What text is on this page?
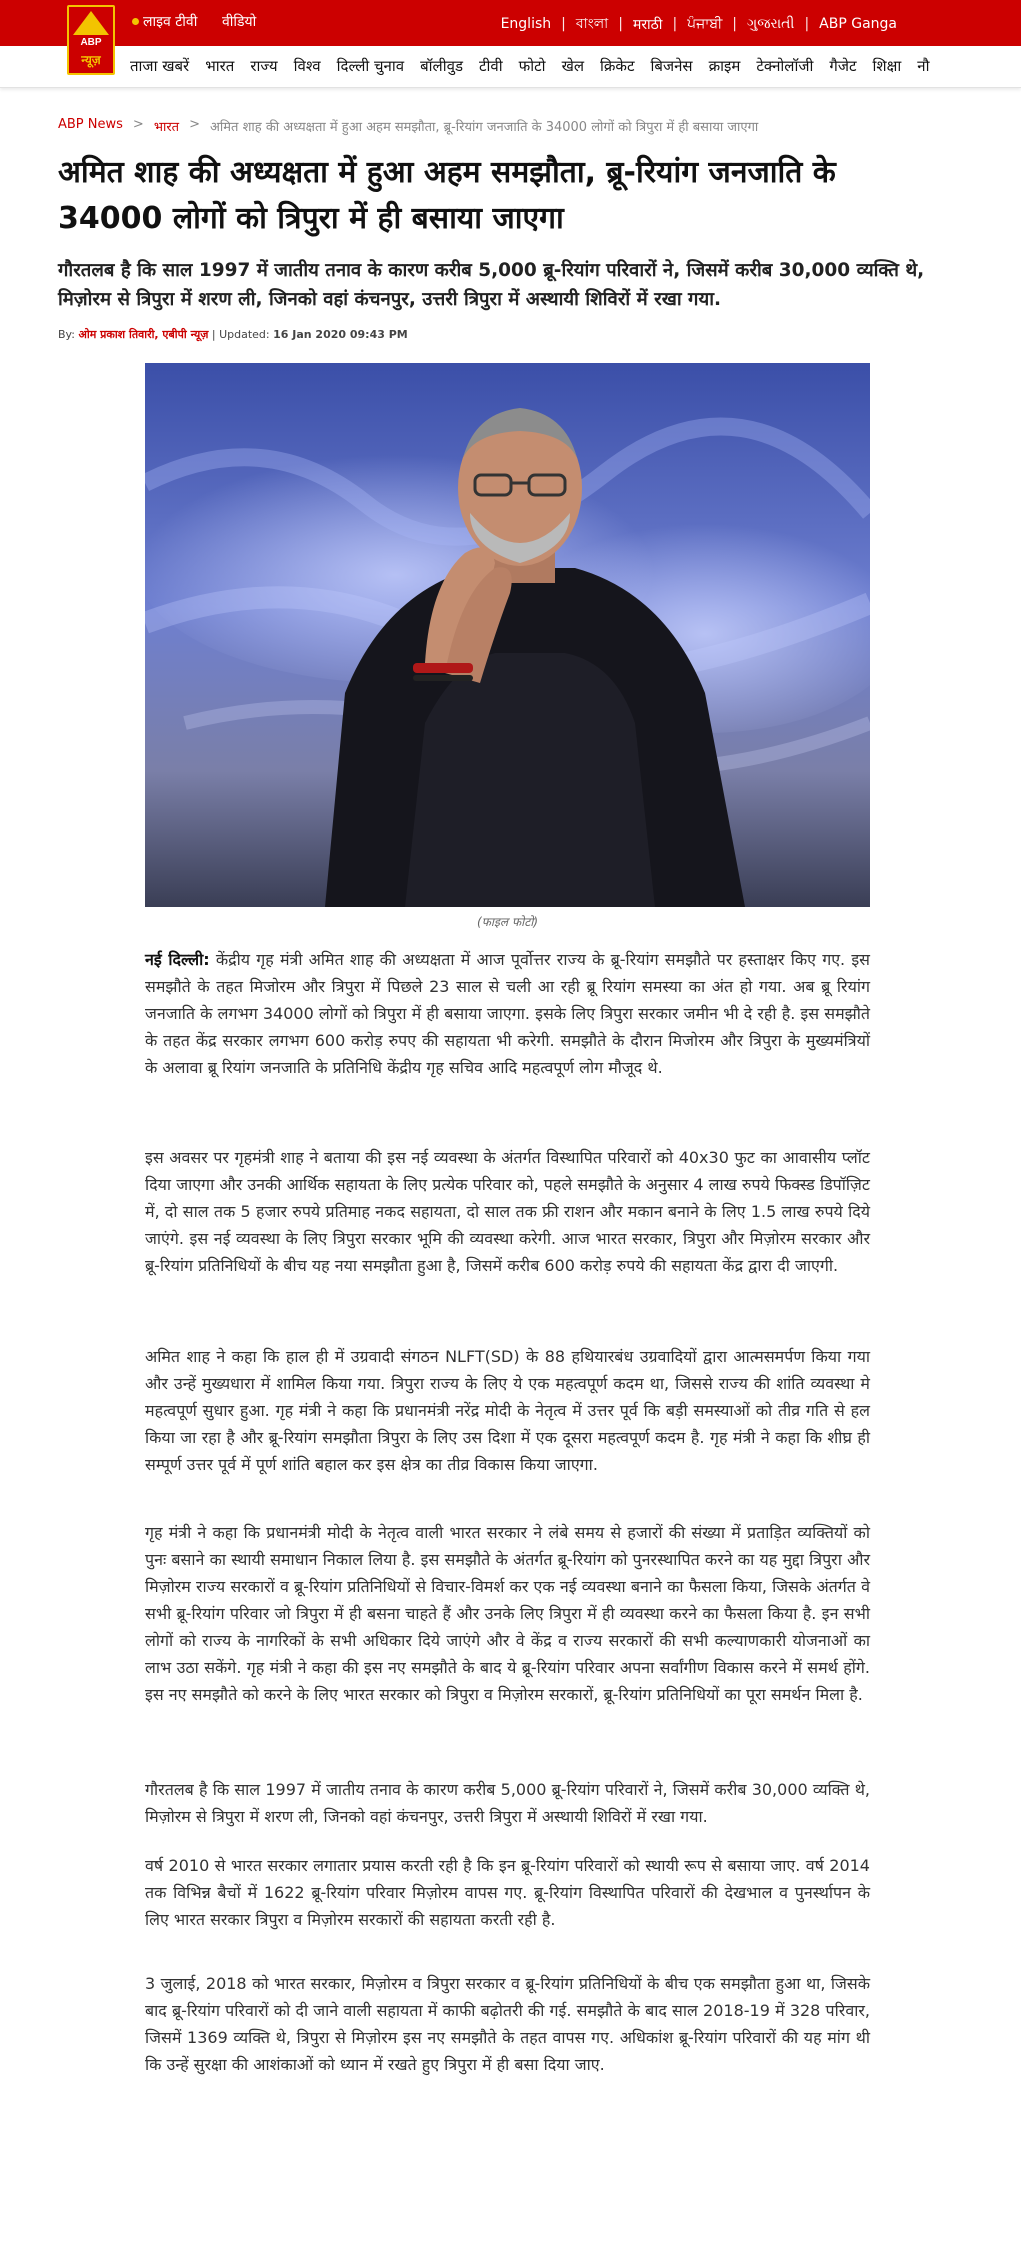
लाइव टीवी वीडियो	English | বাংলা | मराठी | ਪੰਜਾਬੀ | ગુજરાતી | ABP Ganga
ABP
न्यूज़	ताजा खबरें भारत राज्य विश्व दिल्ली चुनाव बॉलीवुड टीवी फोटो खेल क्रिकेट बिजनेस क्राइम टेक्नोलॉजी गैजेट शिक्षा नौ
ABP News > भारत > अमित शाह की अध्यक्षता में हुआ अहम समझौता, ब्रू-रियांग जनजाति के 34000 लोगों को त्रिपुरा में ही बसाया जाएगा
अमित शाह की अध्यक्षता में हुआ अहम समझौता, ब्रू-रियांग जनजाति के 34000 लोगों को त्रिपुरा में ही बसाया जाएगा
गौरतलब है कि साल 1997 में जातीय तनाव के कारण करीब 5,000 ब्रू-रियांग परिवारों ने, जिसमें करीब 30,000 व्यक्ति थे, मिज़ोरम से त्रिपुरा में शरण ली, जिनको वहां कंचनपुर, उत्तरी त्रिपुरा में अस्थायी शिविरों में रखा गया.
By: ओम प्रकाश तिवारी, एबीपी न्यूज़ | Updated: 16 Jan 2020 09:43 PM
(फाइल फोटो)

नई दिल्ली: केंद्रीय गृह मंत्री अमित शाह की अध्यक्षता में आज पूर्वोत्तर राज्य के ब्रू-रियांग समझौते पर हस्ताक्षर किए गए. इस समझौते के तहत मिजोरम और त्रिपुरा में पिछले 23 साल से चली आ रही ब्रू रियांग समस्या का अंत हो गया. अब ब्रू रियांग जनजाति के लगभग 34000 लोगों को त्रिपुरा में ही बसाया जाएगा. इसके लिए त्रिपुरा सरकार जमीन भी दे रही है. इस समझौते के तहत केंद्र सरकार लगभग 600 करोड़ रुपए की सहायता भी करेगी. समझौते के दौरान मिजोरम और त्रिपुरा के मुख्यमंत्रियों के अलावा ब्रू रियांग जनजाति के प्रतिनिधि केंद्रीय गृह सचिव आदि महत्वपूर्ण लोग मौजूद थे.

इस अवसर पर गृहमंत्री शाह ने बताया की इस नई व्यवस्था के अंतर्गत विस्थापित परिवारों को 40x30 फुट का आवासीय प्लॉट दिया जाएगा और उनकी आर्थिक सहायता के लिए प्रत्येक परिवार को, पहले समझौते के अनुसार 4 लाख रुपये फिक्स्ड डिपॉज़िट में, दो साल तक 5 हजार रुपये प्रतिमाह नकद सहायता, दो साल तक फ्री राशन और मकान बनाने के लिए 1.5 लाख रुपये दिये जाएंगे. इस नई व्यवस्था के लिए त्रिपुरा सरकार भूमि की व्यवस्था करेगी. आज भारत सरकार, त्रिपुरा और मिज़ोरम सरकार और ब्रू-रियांग प्रतिनिधियों के बीच यह नया समझौता हुआ है, जिसमें करीब 600 करोड़ रुपये की सहायता केंद्र द्वारा दी जाएगी.

अमित शाह ने कहा कि हाल ही में उग्रवादी संगठन NLFT(SD) के 88 हथियारबंध उग्रवादियों द्वारा आत्मसमर्पण किया गया और उन्हें मुख्यधारा में शामिल किया गया. त्रिपुरा राज्य के लिए ये एक महत्वपूर्ण कदम था, जिससे राज्य की शांति व्यवस्था मे महत्वपूर्ण सुधार हुआ. गृह मंत्री ने कहा कि प्रधानमंत्री नरेंद्र मोदी के नेतृत्व में उत्तर पूर्व कि बड़ी समस्याओं को तीव्र गति से हल किया जा रहा है और ब्रू-रियांग समझौता त्रिपुरा के लिए उस दिशा में एक दूसरा महत्वपूर्ण कदम है. गृह मंत्री ने कहा कि शीघ्र ही सम्पूर्ण उत्तर पूर्व में पूर्ण शांति बहाल कर इस क्षेत्र का तीव्र विकास किया जाएगा.

गृह मंत्री ने कहा कि प्रधानमंत्री मोदी के नेतृत्व वाली भारत सरकार ने लंबे समय से हजारों की संख्या में प्रताड़ित व्यक्तियों को पुनः बसाने का स्थायी समाधान निकाल लिया है. इस समझौते के अंतर्गत ब्रू-रियांग को पुनरस्थापित करने का यह मुद्दा त्रिपुरा और मिज़ोरम राज्य सरकारों व ब्रू-रियांग प्रतिनिधियों से विचार-विमर्श कर एक नई व्यवस्था बनाने का फैसला किया, जिसके अंतर्गत वे सभी ब्रू-रियांग परिवार जो त्रिपुरा में ही बसना चाहते हैं और उनके लिए त्रिपुरा में ही व्यवस्था करने का फैसला किया है. इन सभी लोगों को राज्य के नागरिकों के सभी अधिकार दिये जाएंगे और वे केंद्र व राज्य सरकारों की सभी कल्याणकारी योजनाओं का लाभ उठा सकेंगे. गृह मंत्री ने कहा की इस नए समझौते के बाद ये ब्रू-रियांग परिवार अपना सर्वांगीण विकास करने में समर्थ होंगे. इस नए समझौते को करने के लिए भारत सरकार को त्रिपुरा व मिज़ोरम सरकारों, ब्रू-रियांग प्रतिनिधियों का पूरा समर्थन मिला है.

गौरतलब है कि साल 1997 में जातीय तनाव के कारण करीब 5,000 ब्रू-रियांग परिवारों ने, जिसमें करीब 30,000 व्यक्ति थे, मिज़ोरम से त्रिपुरा में शरण ली, जिनको वहां कंचनपुर, उत्तरी त्रिपुरा में अस्थायी शिविरों में रखा गया.

वर्ष 2010 से भारत सरकार लगातार प्रयास करती रही है कि इन ब्रू-रियांग परिवारों को स्थायी रूप से बसाया जाए. वर्ष 2014 तक विभिन्न बैचों में 1622 ब्रू-रियांग परिवार मिज़ोरम वापस गए. ब्रू-रियांग विस्थापित परिवारों की देखभाल व पुनर्स्थापन के लिए भारत सरकार त्रिपुरा व मिज़ोरम सरकारों की सहायता करती रही है.

3 जुलाई, 2018 को भारत सरकार, मिज़ोरम व त्रिपुरा सरकार व ब्रू-रियांग प्रतिनिधियों के बीच एक समझौता हुआ था, जिसके बाद ब्रू-रियांग परिवारों को दी जाने वाली सहायता में काफी बढ़ोतरी की गई. समझौते के बाद साल 2018-19 में 328 परिवार, जिसमें 1369 व्यक्ति थे, त्रिपुरा से मिज़ोरम इस नए समझौते के तहत वापस गए. अधिकांश ब्रू-रियांग परिवारों की यह मांग थी कि उन्हें सुरक्षा की आशंकाओं को ध्यान में रखते हुए त्रिपुरा में ही बसा दिया जाए.
